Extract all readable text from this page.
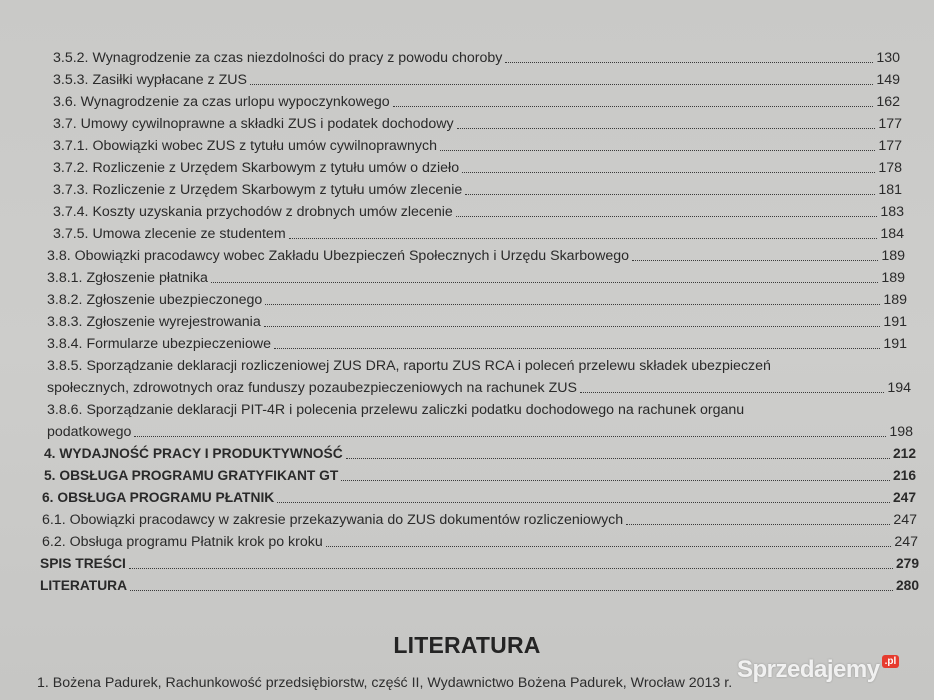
3.5.2. Wynagrodzenie za czas niezdolności do pracy z powodu choroby	130
3.5.3. Zasiłki wypłacane z ZUS	149
3.6. Wynagrodzenie za czas urlopu wypoczynkowego	162
3.7. Umowy cywilnoprawne a składki ZUS i podatek dochodowy	177
3.7.1. Obowiązki wobec ZUS z tytułu umów cywilnoprawnych	177
3.7.2. Rozliczenie z Urzędem Skarbowym z tytułu umów o dzieło	178
3.7.3. Rozliczenie z Urzędem Skarbowym z tytułu umów zlecenie	181
3.7.4. Koszty uzyskania przychodów z drobnych umów zlecenie	183
3.7.5. Umowa zlecenie ze studentem	184
3.8. Obowiązki pracodawcy wobec Zakładu Ubezpieczeń Społecznych i Urzędu Skarbowego	189
3.8.1. Zgłoszenie płatnika	189
3.8.2. Zgłoszenie ubezpieczonego	189
3.8.3. Zgłoszenie wyrejestrowania	191
3.8.4. Formularze ubezpieczeniowe	191
3.8.5. Sporządzanie deklaracji rozliczeniowej ZUS DRA, raportu ZUS RCA i poleceń przelewu składek ubezpieczeń
społecznych, zdrowotnych oraz funduszy pozaubezpieczeniowych na rachunek ZUS	194
3.8.6. Sporządzanie deklaracji PIT-4R i polecenia przelewu zaliczki podatku dochodowego na rachunek organu
podatkowego	198
4. WYDAJNOŚĆ PRACY I PRODUKTYWNOŚĆ	212
5. OBSŁUGA PROGRAMU GRATYFIKANT GT	216
6. OBSŁUGA PROGRAMU PŁATNIK	247
6.1. Obowiązki pracodawcy w zakresie przekazywania do ZUS dokumentów rozliczeniowych	247
6.2. Obsługa programu Płatnik krok po kroku	247
SPIS TREŚCI	279
LITERATURA	280
LITERATURA
1. Bożena Padurek, Rachunkowość przedsiębiorstw, część II, Wydawnictwo Bożena Padurek, Wrocław 2013 r. Sprzedajemy .pl
